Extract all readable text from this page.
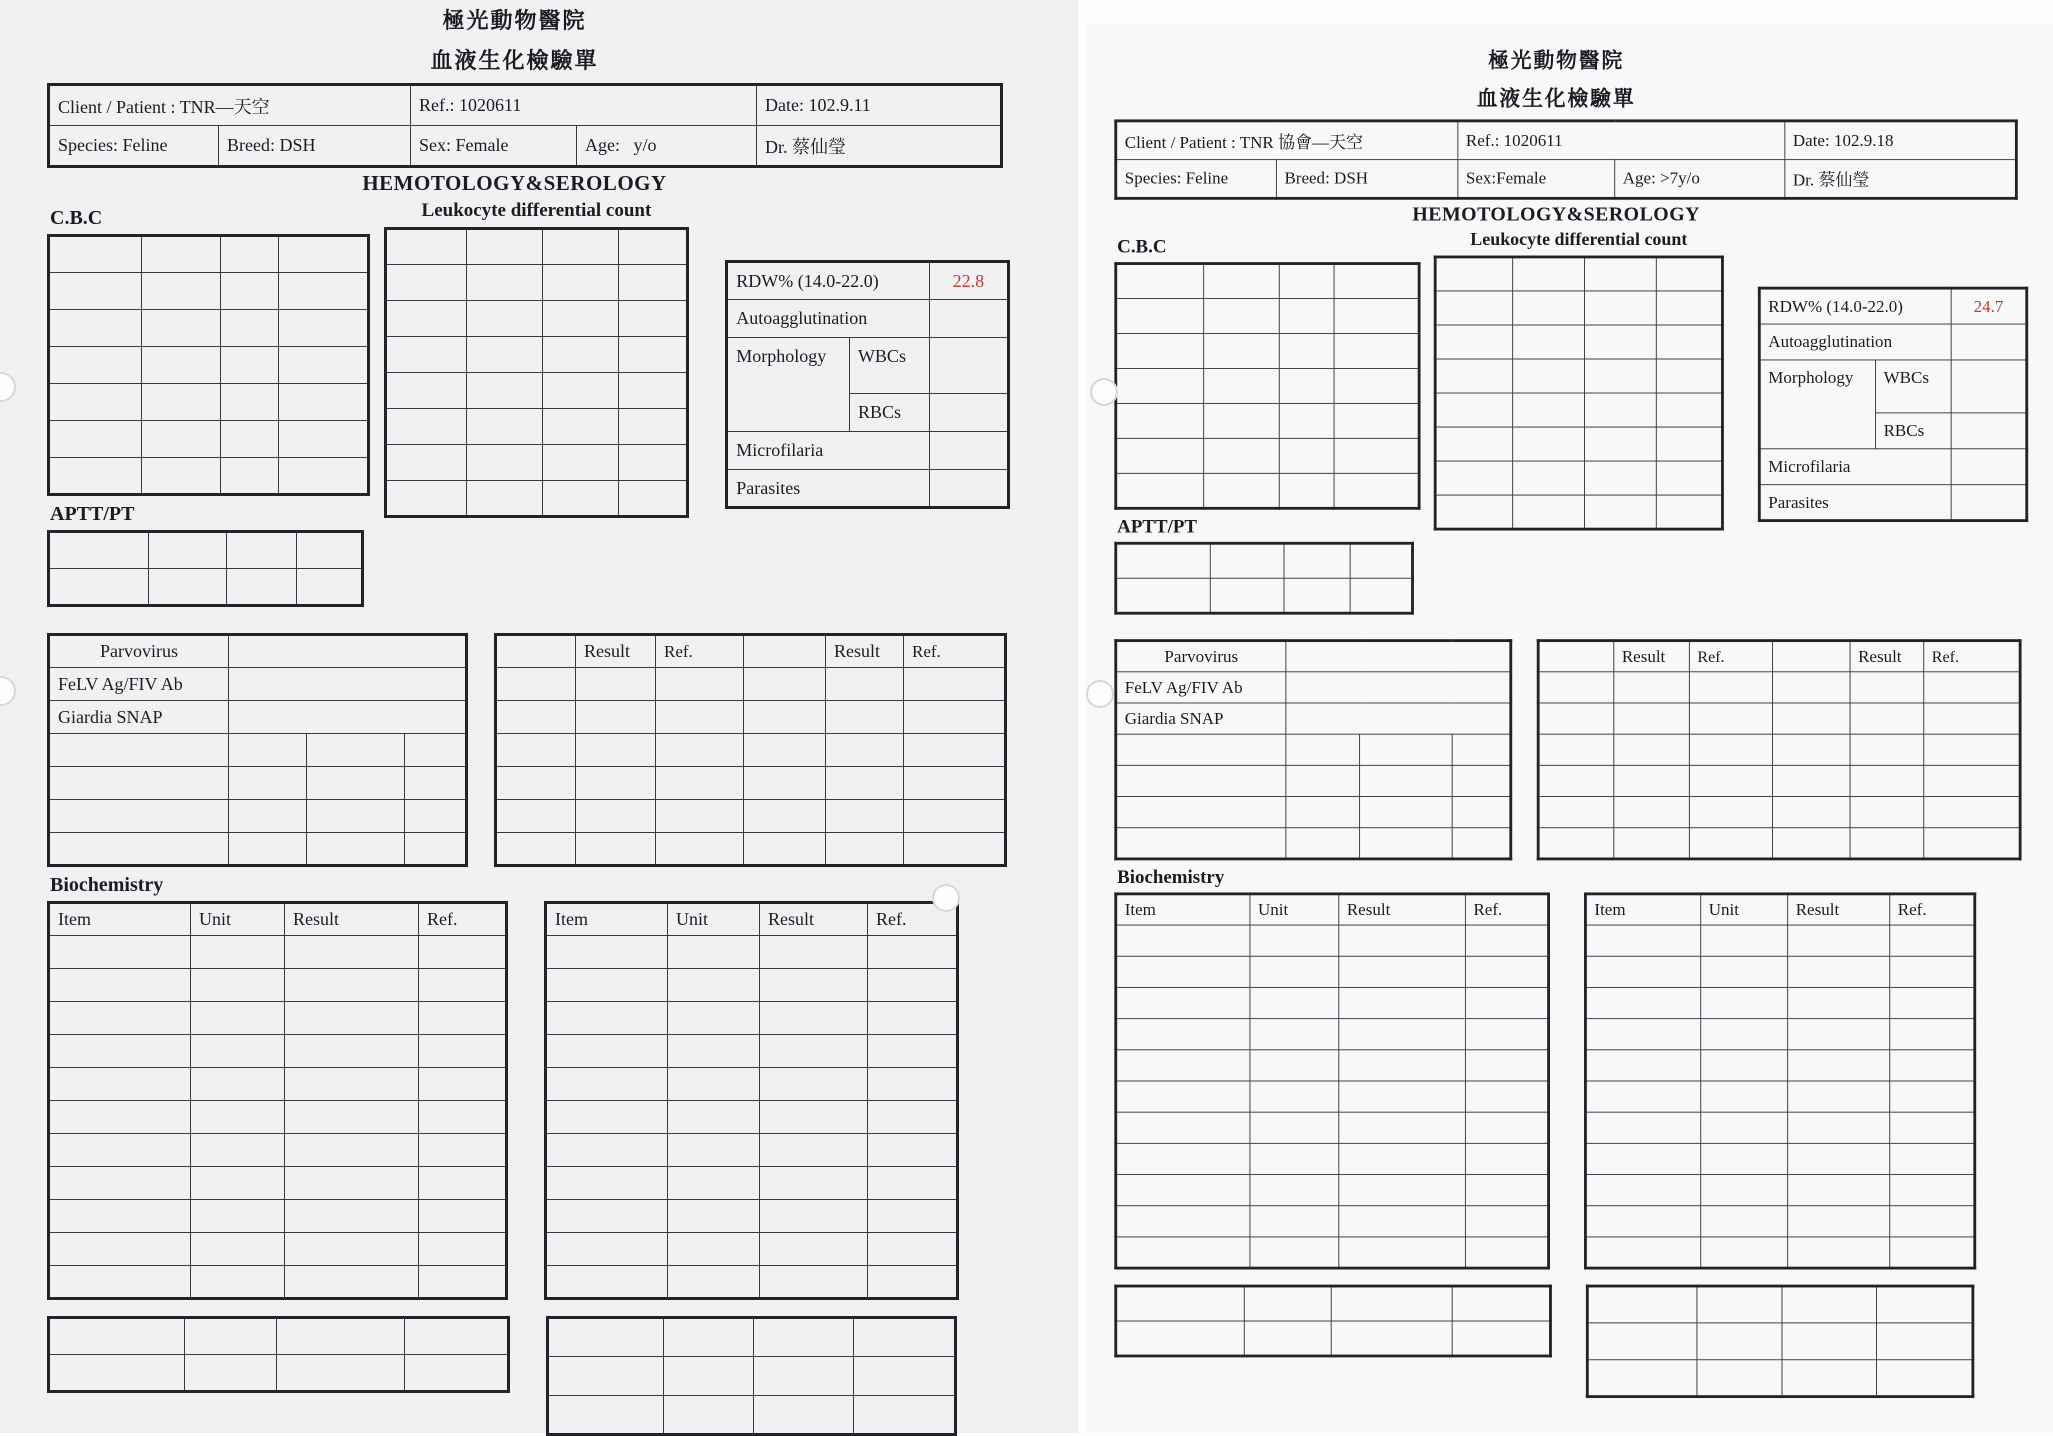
極光動物醫院
血液生化檢驗單
Client / Patient : TNR—天空		Ref.: 1020611		Date: 102.9.11
Species: Feline	Breed: DSH	Sex: Female	Age:   y/o	Dr. 蔡仙瑩
HEMOTOLOGY&SEROLOGY
C.B.C

APTT/PT

Leukocyte differential count

RDW% (14.0-22.0)		22.8
Autoagglutination		
Morphology	WBCs	
	RBCs	
Microfilaria		
Parasites		
Parvovirus			
FeLV Ag/FIV Ab			
Giardia SNAP			

	Result	Ref.		Result	Ref.

Biochemistry
Item	Unit	Result	Ref.

				Item	Unit	Result	Ref.

極光動物醫院
血液生化檢驗單
Client / Patient : TNR 協會—天空		Ref.: 1020611		Date: 102.9.18
Species: Feline	Breed: DSH	Sex:Female	Age: >7y/o	Dr. 蔡仙瑩
HEMOTOLOGY&SEROLOGY
C.B.C

APTT/PT

Leukocyte differential count

RDW% (14.0-22.0)		24.7
Autoagglutination		
Morphology	WBCs	
	RBCs	
Microfilaria		
Parasites		
Parvovirus			
FeLV Ag/FIV Ab			
Giardia SNAP			

	Result	Ref.		Result	Ref.

Biochemistry
Item	Unit	Result	Ref.

				Item	Unit	Result	Ref.
